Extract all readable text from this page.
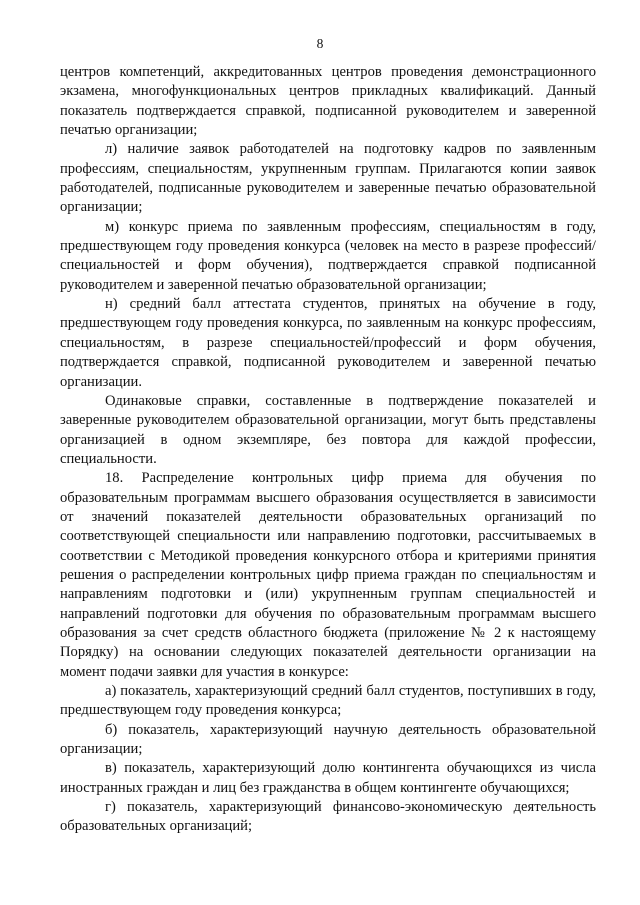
8

центров компетенций, аккредитованных центров проведения демонстрационного экзамена, многофункциональных центров прикладных квалификаций. Данный показатель подтверждается справкой, подписанной руководителем и заверенной печатью организации;

л) наличие заявок работодателей на подготовку кадров по заявленным профессиям, специальностям, укрупненным группам. Прилагаются копии заявок работодателей, подписанные руководителем и заверенные печатью образовательной организации;

м) конкурс приема по заявленным профессиям, специальностям в году, предшествующем году проведения конкурса (человек на место в разрезе профессий/специальностей и форм обучения), подтверждается справкой подписанной руководителем и заверенной печатью образовательной организации;

н) средний балл аттестата студентов, принятых на обучение в году, предшествующем году проведения конкурса, по заявленным на конкурс профессиям, специальностям, в разрезе специальностей/профессий и форм обучения, подтверждается справкой, подписанной руководителем и заверенной печатью организации.

Одинаковые справки, составленные в подтверждение показателей и заверенные руководителем образовательной организации, могут быть представлены организацией в одном экземпляре, без повтора для каждой профессии, специальности.

18. Распределение контрольных цифр приема для обучения по образовательным программам высшего образования осуществляется в зависимости от значений показателей деятельности образовательных организаций по соответствующей специальности или направлению подготовки, рассчитываемых в соответствии с Методикой проведения конкурсного отбора и критериями принятия решения о распределении контрольных цифр приема граждан по специальностям и направлениям подготовки и (или) укрупненным группам специальностей и направлений подготовки для обучения по образовательным программам высшего образования за счет средств областного бюджета (приложение № 2 к настоящему Порядку) на основании следующих показателей деятельности организации на момент подачи заявки для участия в конкурсе:

а) показатель, характеризующий средний балл студентов, поступивших в году, предшествующем году проведения конкурса;

б) показатель, характеризующий научную деятельность образовательной организации;

в) показатель, характеризующий долю контингента обучающихся из числа иностранных граждан и лиц без гражданства в общем контингенте обучающихся;

г) показатель, характеризующий финансово-экономическую деятельность образовательных организаций;
